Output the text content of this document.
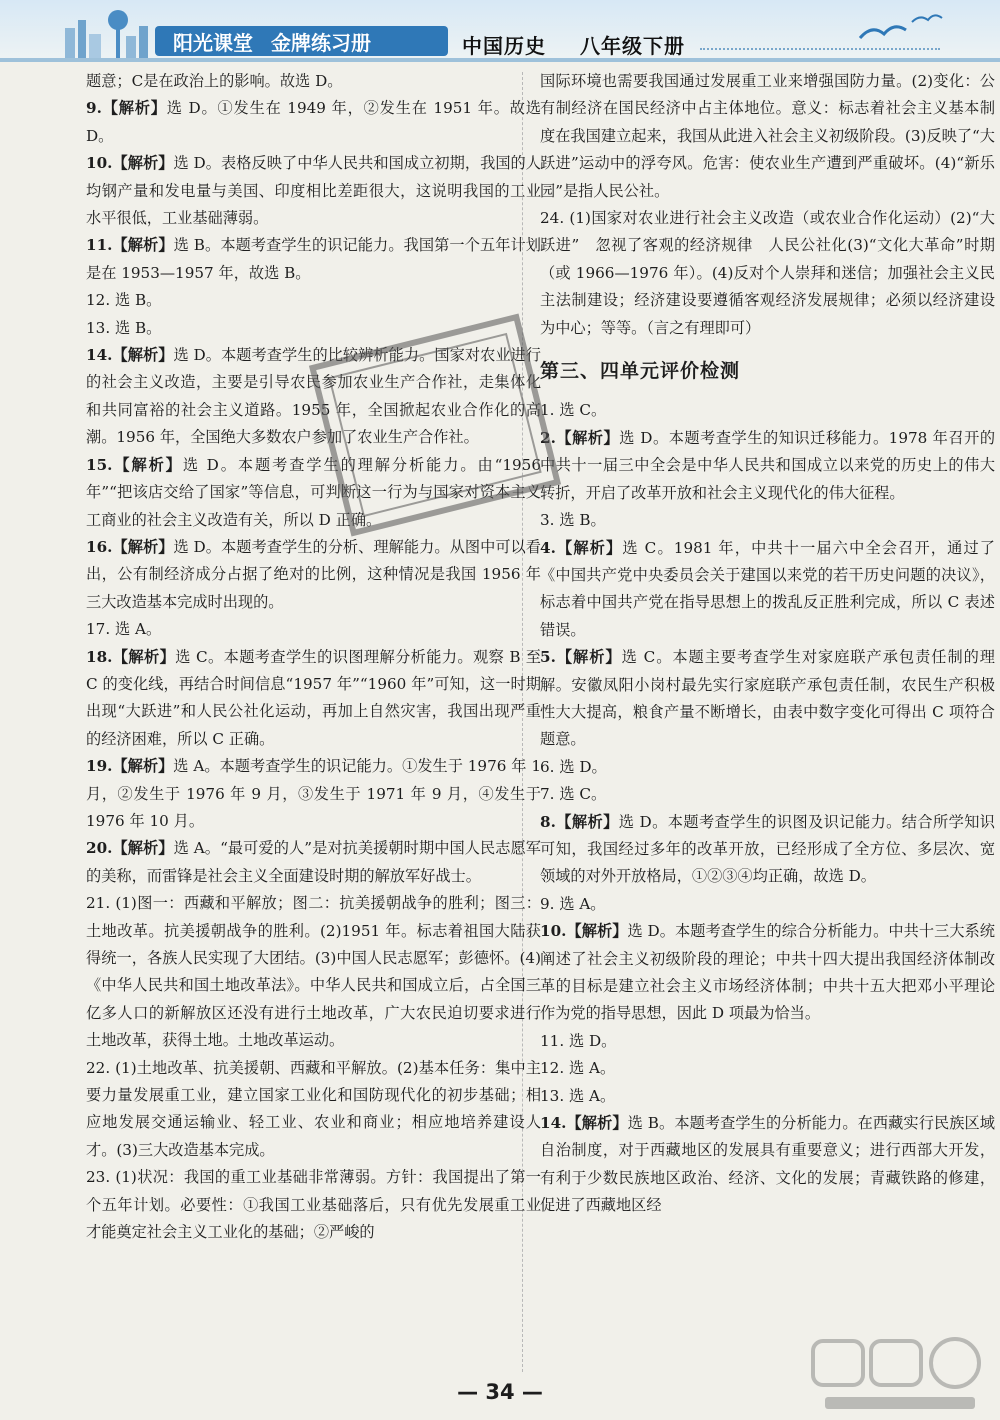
阳光课堂 金牌练习册	中国历史 八年级下册

题意；C是在政治上的影响。故选 D。

9.【解析】选 D。①发生在 1949 年，②发生在 1951 年。故选 D。

10.【解析】选 D。表格反映了中华人民共和国成立初期，我国的人均钢产量和发电量与美国、印度相比差距很大，这说明我国的工业水平很低，工业基础薄弱。

11.【解析】选 B。本题考查学生的识记能力。我国第一个五年计划是在 1953—1957 年，故选 B。

12. 选 B。

13. 选 B。

14.【解析】选 D。本题考查学生的比较辨析能力。国家对农业进行的社会主义改造，主要是引导农民参加农业生产合作社，走集体化和共同富裕的社会主义道路。1955 年，全国掀起农业合作化的高潮。1956 年，全国绝大多数农户参加了农业生产合作社。

15.【解析】选 D。本题考查学生的理解分析能力。由“1956 年”“把该店交给了国家”等信息，可判断这一行为与国家对资本主义工商业的社会主义改造有关，所以 D 正确。

16.【解析】选 D。本题考查学生的分析、理解能力。从图中可以看出，公有制经济成分占据了绝对的比例，这种情况是我国 1956 年三大改造基本完成时出现的。

17. 选 A。

18.【解析】选 C。本题考查学生的识图理解分析能力。观察 B 至 C 的变化线，再结合时间信息“1957 年”“1960 年”可知，这一时期出现“大跃进”和人民公社化运动，再加上自然灾害，我国出现严重的经济困难，所以 C 正确。

19.【解析】选 A。本题考查学生的识记能力。①发生于 1976 年 1 月，②发生于 1976 年 9 月，③发生于 1971 年 9 月，④发生于 1976 年 10 月。

20.【解析】选 A。“最可爱的人”是对抗美援朝时期中国人民志愿军的美称，而雷锋是社会主义全面建设时期的解放军好战士。

21. (1)图一：西藏和平解放；图二：抗美援朝战争的胜利；图三：土地改革。抗美援朝战争的胜利。(2)1951 年。标志着祖国大陆获得统一，各族人民实现了大团结。(3)中国人民志愿军；彭德怀。(4)《中华人民共和国土地改革法》。中华人民共和国成立后，占全国三亿多人口的新解放区还没有进行土地改革，广大农民迫切要求进行土地改革，获得土地。土地改革运动。

22. (1)土地改革、抗美援朝、西藏和平解放。(2)基本任务：集中主要力量发展重工业，建立国家工业化和国防现代化的初步基础；相应地发展交通运输业、轻工业、农业和商业；相应地培养建设人才。(3)三大改造基本完成。

23. (1)状况：我国的重工业基础非常薄弱。方针：我国提出了第一个五年计划。必要性：①我国工业基础落后，只有优先发展重工业才能奠定社会主义工业化的基础；②严峻的

国际环境也需要我国通过发展重工业来增强国防力量。(2)变化：公有制经济在国民经济中占主体地位。意义：标志着社会主义基本制度在我国建立起来，我国从此进入社会主义初级阶段。(3)反映了“大跃进”运动中的浮夸风。危害：使农业生产遭到严重破坏。(4)“新乐园”是指人民公社。

24. (1)国家对农业进行社会主义改造（或农业合作化运动）(2)“大跃进”　忽视了客观的经济规律　人民公社化(3)“文化大革命”时期（或 1966—1976 年）。(4)反对个人崇拜和迷信；加强社会主义民主法制建设；经济建设要遵循客观经济发展规律；必须以经济建设为中心；等等。（言之有理即可）

第三、四单元评价检测

1. 选 C。

2.【解析】选 D。本题考查学生的知识迁移能力。1978 年召开的中共十一届三中全会是中华人民共和国成立以来党的历史上的伟大转折，开启了改革开放和社会主义现代化的伟大征程。

3. 选 B。

4.【解析】选 C。1981 年，中共十一届六中全会召开，通过了《中国共产党中央委员会关于建国以来党的若干历史问题的决议》，标志着中国共产党在指导思想上的拨乱反正胜利完成，所以 C 表述错误。

5.【解析】选 C。本题主要考查学生对家庭联产承包责任制的理解。安徽凤阳小岗村最先实行家庭联产承包责任制，农民生产积极性大大提高，粮食产量不断增长，由表中数字变化可得出 C 项符合题意。

6. 选 D。

7. 选 C。

8.【解析】选 D。本题考查学生的识图及识记能力。结合所学知识可知，我国经过多年的改革开放，已经形成了全方位、多层次、宽领域的对外开放格局，①②③④均正确，故选 D。

9. 选 A。

10.【解析】选 D。本题考查学生的综合分析能力。中共十三大系统阐述了社会主义初级阶段的理论；中共十四大提出我国经济体制改革的目标是建立社会主义市场经济体制；中共十五大把邓小平理论作为党的指导思想，因此 D 项最为恰当。

11. 选 D。

12. 选 A。

13. 选 A。

14.【解析】选 B。本题考查学生的分析能力。在西藏实行民族区域自治制度，对于西藏地区的发展具有重要意义；进行西部大开发，有利于少数民族地区政治、经济、文化的发展；青藏铁路的修建，促进了西藏地区经

— 34 —
